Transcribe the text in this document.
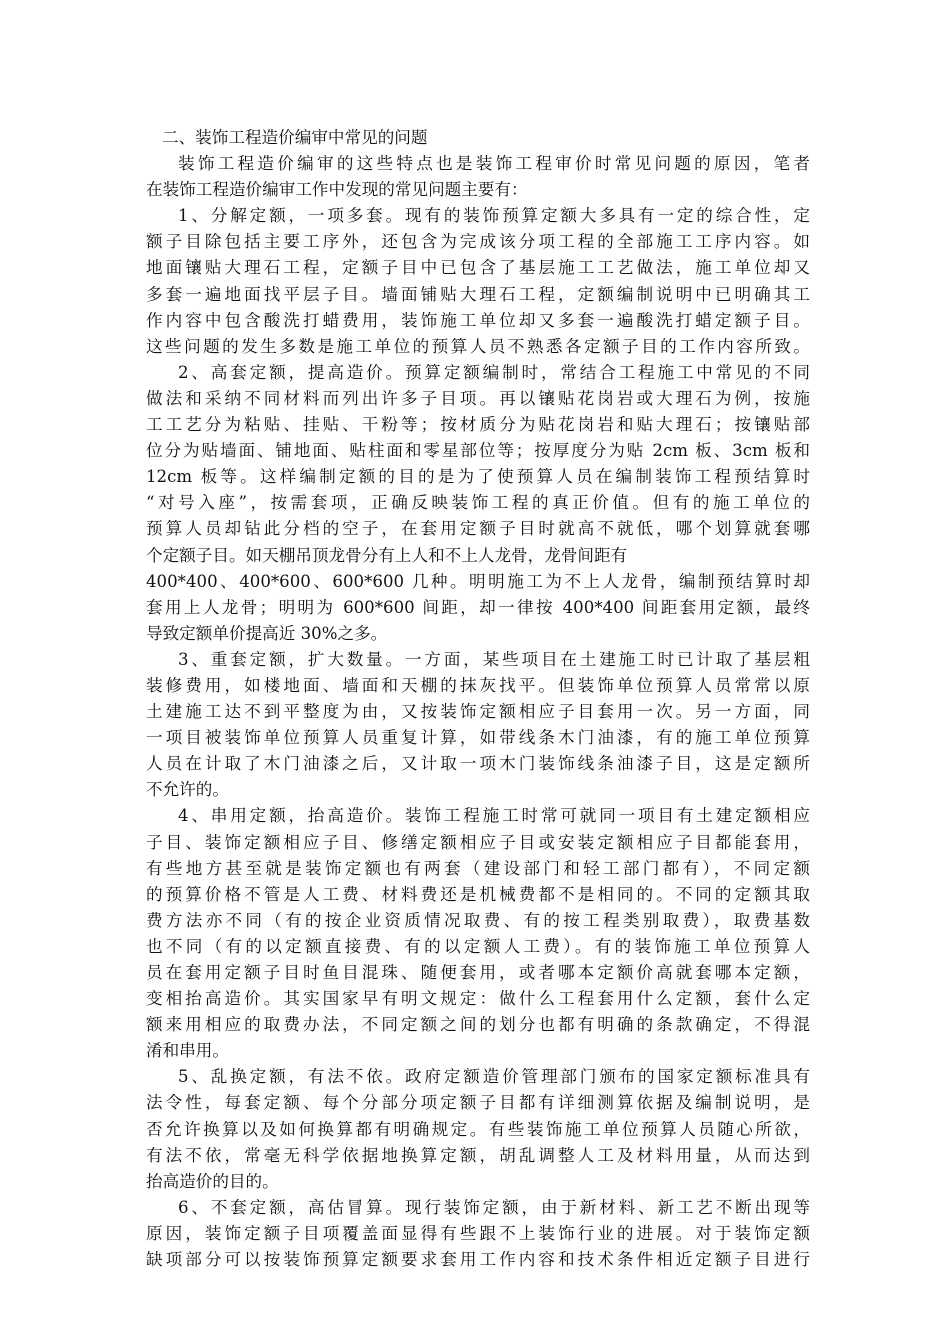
二、装饰工程造价编审中常见的问题
装饰工程造价编审的这些特点也是装饰工程审价时常见问题的原因，笔者
在装饰工程造价编审工作中发现的常见问题主要有：
1、分解定额，一项多套。现有的装饰预算定额大多具有一定的综合性，定
额子目除包括主要工序外，还包含为完成该分项工程的全部施工工序内容。如
地面镶贴大理石工程，定额子目中已包含了基层施工工艺做法，施工单位却又
多套一遍地面找平层子目。墙面铺贴大理石工程，定额编制说明中已明确其工
作内容中包含酸洗打蜡费用，装饰施工单位却又多套一遍酸洗打蜡定额子目。
这些问题的发生多数是施工单位的预算人员不熟悉各定额子目的工作内容所致。
2、高套定额，提高造价。预算定额编制时，常结合工程施工中常见的不同
做法和采纳不同材料而列出许多子目项。再以镶贴花岗岩或大理石为例，按施
工工艺分为粘贴、挂贴、干粉等；按材质分为贴花岗岩和贴大理石；按镶贴部
位分为贴墙面、铺地面、贴柱面和零星部位等；按厚度分为贴 2cm 板、3cm 板和
12cm 板等。这样编制定额的目的是为了使预算人员在编制装饰工程预结算时
“对号入座”，按需套项，正确反映装饰工程的真正价值。但有的施工单位的
预算人员却钻此分档的空子，在套用定额子目时就高不就低，哪个划算就套哪
个定额子目。如天棚吊顶龙骨分有上人和不上人龙骨，龙骨间距有
400*400、400*600、600*600 几种。明明施工为不上人龙骨，编制预结算时却
套用上人龙骨；明明为 600*600 间距，却一律按 400*400 间距套用定额，最终
导致定额单价提高近 30%之多。
3、重套定额，扩大数量。一方面，某些项目在土建施工时已计取了基层粗
装修费用，如楼地面、墙面和天棚的抹灰找平。但装饰单位预算人员常常以原
土建施工达不到平整度为由，又按装饰定额相应子目套用一次。另一方面，同
一项目被装饰单位预算人员重复计算，如带线条木门油漆，有的施工单位预算
人员在计取了木门油漆之后，又计取一项木门装饰线条油漆子目，这是定额所
不允许的。
4、串用定额，抬高造价。装饰工程施工时常可就同一项目有土建定额相应
子目、装饰定额相应子目、修缮定额相应子目或安装定额相应子目都能套用，
有些地方甚至就是装饰定额也有两套（建设部门和轻工部门都有），不同定额
的预算价格不管是人工费、材料费还是机械费都不是相同的。不同的定额其取
费方法亦不同（有的按企业资质情况取费、有的按工程类别取费），取费基数
也不同（有的以定额直接费、有的以定额人工费）。有的装饰施工单位预算人
员在套用定额子目时鱼目混珠、随便套用，或者哪本定额价高就套哪本定额，
变相抬高造价。其实国家早有明文规定：做什么工程套用什么定额，套什么定
额来用相应的取费办法，不同定额之间的划分也都有明确的条款确定，不得混
淆和串用。
5、乱换定额，有法不依。政府定额造价管理部门颁布的国家定额标准具有
法令性，每套定额、每个分部分项定额子目都有详细测算依据及编制说明，是
否允许换算以及如何换算都有明确规定。有些装饰施工单位预算人员随心所欲，
有法不依，常毫无科学依据地换算定额，胡乱调整人工及材料用量，从而达到
抬高造价的目的。
6、不套定额，高估冒算。现行装饰定额，由于新材料、新工艺不断出现等
原因，装饰定额子目项覆盖面显得有些跟不上装饰行业的进展。对于装饰定额
缺项部分可以按装饰预算定额要求套用工作内容和技术条件相近定额子目进行
